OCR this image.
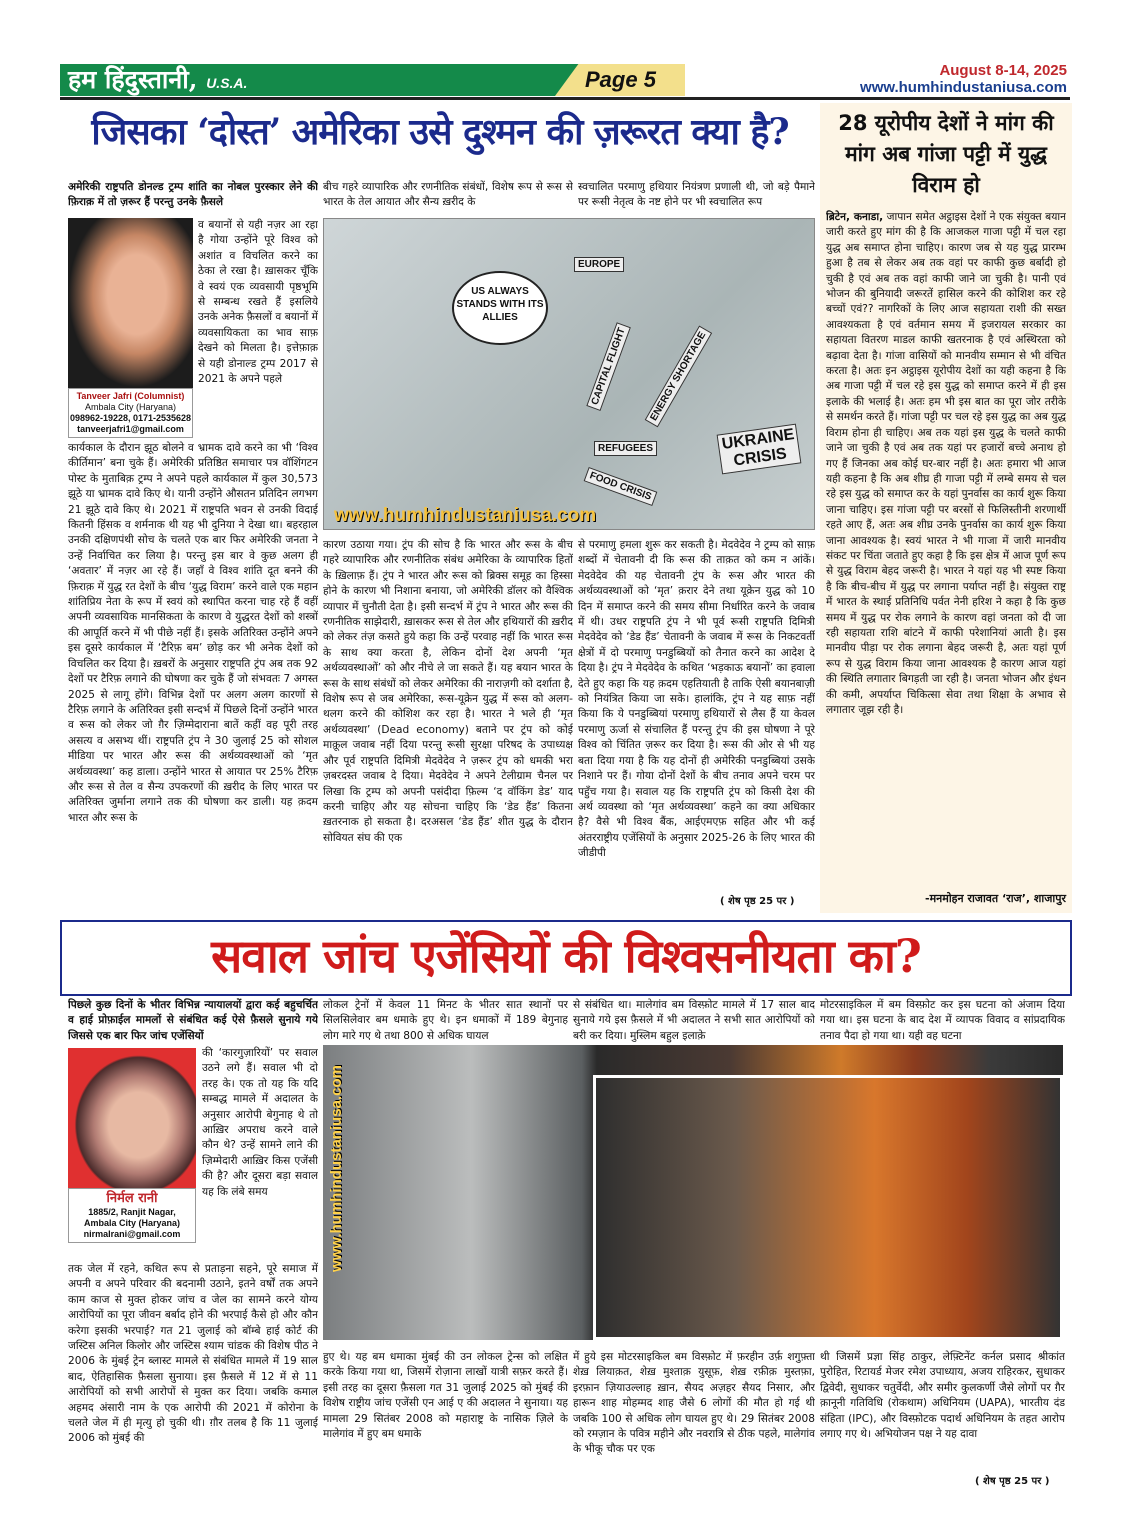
हम हिंदुस्तानी, U.S.A.	Page 5	August 8-14, 2025
www.humhindustaniusa.com
जिसका ‘दोस्त’ अमेरिका उसे दुश्मन की ज़रूरत क्या है?
अमेरिकी राष्ट्रपति डोनल्ड ट्रम्प शांति का नोबल पुरस्कार लेने की फ़िराक़ में तो ज़रूर हैं परन्तु उनके फ़ैसले
Tanveer Jafri (Columnist)
Ambala City (Haryana)
098962-19228, 0171-2535628
tanveerjafri1@gmail.com
व बयानों से यही नज़र आ रहा है गोया उन्होंने पूरे विश्व को अशांत व विचलित करने का ठेका ले रखा है। ख़ासकर चूँकि वे स्वयं एक व्यवसायी पृष्ठभूमि से सम्बन्ध रखते हैं इसलिये उनके अनेक फ़ैसलों व बयानों में व्यवसायिकता का भाव साफ़ देखने को मिलता है। इत्तेफ़ाक़ से यही डोनाल्ड ट्रम्प 2017 से 2021 के अपने पहले
कार्यकाल के दौरान झूठ बोलने व भ्रामक दावे करने का भी ‘विश्व कीर्तिमान’ बना चुके हैं। अमेरिकी प्रतिष्ठित समाचार पत्र वॉशिंगटन पोस्ट के मुताबिक़ ट्रम्प ने अपने पहले कार्यकाल में कुल 30,573 झूठे या भ्रामक दावे किए थे। यानी उन्होंने औसतन प्रतिदिन लगभग 21 झूठे दावे किए थे। 2021 में राष्ट्रपति भवन से उनकी विदाई कितनी हिंसक व शर्मनाक थी यह भी दुनिया ने देखा था। बहरहाल उनकी दक्षिणपंथी सोच के चलते एक बार फिर अमेरिकी जनता ने उन्हें निर्वाचित कर लिया है। परन्तु इस बार वे कुछ अलग ही ‘अवतार’ में नज़र आ रहे हैं। जहाँ वे विश्व शांति दूत बनने की फ़िराक़ में युद्ध रत देशों के बीच ‘युद्ध विराम’ करने वाले एक महान शांतिप्रिय नेता के रूप में स्वयं को स्थापित करना चाह रहे हैं वहीं अपनी व्यवसायिक मानसिकता के कारण वे युद्धरत देशों को शस्त्रों की आपूर्ति करने में भी पीछे नहीं हैं। इसके अतिरिक्त उन्होंने अपने इस दूसरे कार्यकाल में ‘टैरिफ़ बम’ छोड़ कर भी अनेक देशों को विचलित कर दिया है। ख़बरों के अनुसार राष्ट्रपति ट्रंप अब तक 92 देशों पर टैरिफ़ लगाने की घोषणा कर चुके हैं जो संभवतः 7 अगस्त 2025 से लागू होंगे। विभिन्न देशों पर अलग अलग कारणों से टैरिफ़ लगाने के अतिरिक्त इसी सन्दर्भ में पिछले दिनों उन्होंने भारत व रूस को लेकर जो ग़ैर ज़िम्मेदाराना बातें कहीं वह पूरी तरह असत्य व असभ्य थीं। राष्ट्रपति ट्रंप ने 30 जुलाई 25 को सोशल मीडिया पर भारत और रूस की अर्थव्यवस्थाओं को ‘मृत अर्थव्यवस्था’ कह डाला। उन्होंने भारत से आयात पर 25% टैरिफ़ और रूस से तेल व सैन्य उपकरणों की ख़रीद के लिए भारत पर अतिरिक्त जुर्माना लगाने तक की घोषणा कर डाली। यह क़दम भारत और रूस के
बीच गहरे व्यापारिक और रणनीतिक संबंधों, विशेष रूप से रूस से भारत के तेल आयात और सैन्य ख़रीद के
स्वचालित परमाणु हथियार नियंत्रण प्रणाली थी, जो बड़े पैमाने पर रूसी नेतृत्व के नष्ट होने पर भी स्वचालित रूप
US ALWAYS STANDS WITH ITS ALLIES
EUROPE
CAPITAL FLIGHT	ENERGY SHORTAGE
REFUGEES
FOOD CRISIS
UKRAINE CRISIS
www.humhindustaniusa.com
कारण उठाया गया। ट्रंप की सोच है कि भारत और रूस के बीच गहरे व्यापारिक और रणनीतिक संबंध अमेरिका के व्यापारिक हितों के ख़िलाफ़ हैं। ट्रंप ने भारत और रूस को ब्रिक्स समूह का हिस्सा होने के कारण भी निशाना बनाया, जो अमेरिकी डॉलर को वैश्विक व्यापार में चुनौती देता है। इसी सन्दर्भ में ट्रंप ने भारत और रूस की रणनीतिक साझेदारी, ख़ासकर रूस से तेल और हथियारों की ख़रीद को लेकर तंज़ कसते हुये कहा कि उन्हें परवाह नहीं कि भारत रूस के साथ क्या करता है, लेकिन दोनों देश अपनी ‘मृत अर्थव्यवस्थाओं’ को और नीचे ले जा सकते हैं। यह बयान भारत के रूस के साथ संबंधों को लेकर अमेरिका की नाराज़गी को दर्शाता है, विशेष रूप से जब अमेरिका, रूस-यूक्रेन युद्ध में रूस को अलग-थलग करने की कोशिश कर रहा है। भारत ने भले ही ‘मृत अर्थव्यवस्था’ (Dead economy) बताने पर ट्रंप को कोई माक़ूल जवाब नहीं दिया परन्तु रूसी सुरक्षा परिषद के उपाध्यक्ष और पूर्व राष्ट्रपति दिमित्री मेदवेदेव ने ज़रूर ट्रंप को धमकी भरा ज़बरदस्त जवाब दे दिया। मेदवेदेव ने अपने टेलीग्राम चैनल पर लिखा कि ट्रम्प को अपनी पसंदीदा फ़िल्म ‘द वॉकिंग डेड’ याद करनी चाहिए और यह सोचना चाहिए कि ‘डेड हैंड’ कितना ख़तरनाक हो सकता है। दरअसल ‘डेड हैंड’ शीत युद्ध के दौरान सोवियत संघ की एक
से परमाणु हमला शुरू कर सकती है। मेदवेदेव ने ट्रम्प को साफ़ शब्दों में चेतावनी दी कि रूस की ताक़त को कम न आंकें। मेदवेदेव की यह चेतावनी ट्रंप के रूस और भारत की अर्थव्यवस्थाओं को ‘मृत’ क़रार देने तथा यूक्रेन युद्ध को 10 दिन में समाप्त करने की समय सीमा निर्धारित करने के जवाब में थी। उधर राष्ट्रपति ट्रंप ने भी पूर्व रूसी राष्ट्रपति दिमित्री मेदवेदेव को ‘डेड हैंड’ चेतावनी के जवाब में रूस के निकटवर्ती क्षेत्रों में दो परमाणु पनडुब्बियों को तैनात करने का आदेश दे दिया है। ट्रंप ने मेदवेदेव के कथित ‘भड़काऊ बयानों’ का हवाला देते हुए कहा कि यह क़दम एहतियाती है ताकि ऐसी बयानबाज़ी को नियंत्रित किया जा सके। हालांकि, ट्रंप ने यह साफ़ नहीं किया कि ये पनडुब्बियां परमाणु हथियारों से लैस हैं या केवल परमाणु ऊर्जा से संचालित हैं परन्तु ट्रंप की इस घोषणा ने पूरे विश्व को चिंतित ज़रूर कर दिया है। रूस की ओर से भी यह बता दिया गया है कि यह दोनों ही अमेरिकी पनडुब्बियां उसके निशाने पर हैं। गोया दोनों देशों के बीच तनाव अपने चरम पर पहुँच गया है। सवाल यह कि राष्ट्रपति ट्रंप को किसी देश की अर्थ व्यवस्था को ‘मृत अर्थव्यवस्था’ कहने का क्या अधिकार है? वैसे भी विश्व बैंक, आईएमएफ़ सहित और भी कई अंतरराष्ट्रीय एजेंसियों के अनुसार 2025-26 के लिए भारत की जीडीपी
( शेष पृष्ठ 25 पर )
28 यूरोपीय देशों ने मांग की मांग अब गांजा पट्टी में युद्ध विराम हो
ब्रिटेन, कनाडा, जापान समेत अट्ठाइस देशों ने एक संयुक्त बयान जारी करते हुए मांग की है कि आजकल गाजा पट्टी में चल रहा युद्ध अब समाप्त होना चाहिए। कारण जब से यह युद्ध प्रारम्भ हुआ है तब से लेकर अब तक वहां पर काफी कुछ बर्बादी हो चुकी है एवं अब तक वहां काफी जाने जा चुकी है। पानी एवं भोजन की बुनियादी जरूरतें हासिल करने की कोशिश कर रहे बच्चों एवं?? नागरिकों के लिए आज सहायता राशी की सख्त आवश्यकता है एवं वर्तमान समय में इजरायल सरकार का सहायता वितरण माडल काफी खतरनाक है एवं अस्थिरता को बढ़ावा देता है। गांजा वासियों को मानवीय सम्मान से भी वंचित करता है। अतः इन अट्ठाइस यूरोपीय देशों का यही कहना है कि अब गाजा पट्टी में चल रहे इस युद्ध को समाप्त करने में ही इस इलाके की भलाई है। अतः हम भी इस बात का पूरा जोर तरीके से समर्थन करते हैं। गांजा पट्टी पर चल रहे इस युद्ध का अब युद्ध विराम होना ही चाहिए। अब तक यहां इस युद्ध के चलते काफी जाने जा चुकी है एवं अब तक यहां पर हजारों बच्चे अनाथ हो गए हैं जिनका अब कोई घर-बार नहीं है। अतः हमारा भी आज यही कहना है कि अब शीघ्र ही गाजा पट्टी में लम्बे समय से चल रहे इस युद्ध को समाप्त कर के यहां पुनर्वास का कार्य शुरू किया जाना चाहिए। इस गांजा पट्टी पर बरसों से फिलिस्तीनी शरणार्थी रहते आए हैं, अतः अब शीघ्र उनके पुनर्वास का कार्य शुरू किया जाना आवश्यक है। स्वयं भारत ने भी गाजा में जारी मानवीय संकट पर चिंता जताते हुए कहा है कि इस क्षेत्र में आज पूर्ण रूप से युद्ध विराम बेहद जरूरी है। भारत ने यहां यह भी स्पष्ट किया है कि बीच-बीच में युद्ध पर लगाना पर्याप्त नहीं है। संयुक्त राष्ट्र में भारत के स्थाई प्रतिनिधि पर्वत नेनी हरिश ने कहा है कि कुछ समय में युद्ध पर रोक लगाने के कारण वहां जनता को दी जा रही सहायता राशि बांटने में काफी परेशानियां आती है। इस मानवीय पीड़ा पर रोक लगाना बेहद जरूरी है, अतः यहां पूर्ण रूप से युद्ध विराम किया जाना आवश्यक है कारण आज यहां की स्थिति लगातार बिगड़ती जा रही है। जनता भोजन और इंधन की कमी, अपर्याप्त चिकित्सा सेवा तथा शिक्षा के अभाव से लगातार जूझ रही है।
-मनमोहन राजावत ‘राज’, शाजापुर
सवाल जांच एजेंसियों की विश्वसनीयता का?
पिछले कुछ दिनों के भीतर विभिन्न न्यायालयों द्वारा कई बहुचर्चित व हाई प्रोफ़ाईल मामलों से संबंधित कई ऐसे फ़ैसले सुनाये गये जिससे एक बार फिर जांच एजेंसियों
निर्मल रानी
1885/2, Ranjit Nagar,
Ambala City (Haryana)
nirmalrani@gmail.com
की ‘कारगुज़ारियों’ पर सवाल उठने लगे हैं। सवाल भी दो तरह के। एक तो यह कि यदि सम्बद्ध मामले में अदालत के अनुसार आरोपी बेगुनाह थे तो आख़िर अपराध करने वाले कौन थे? उन्हें सामने लाने की ज़िम्मेदारी आख़िर किस एजेंसी की है? और दूसरा बड़ा सवाल यह कि लंबे समय
तक जेल में रहने, कथित रूप से प्रताड़ना सहने, पूरे समाज में अपनी व अपने परिवार की बदनामी उठाने, इतने वर्षों तक अपने काम काज से मुक्त होकर जांच व जेल का सामने करने योग्य आरोपियों का पूरा जीवन बर्बाद होने की भरपाई कैसे हो और कौन करेगा इसकी भरपाई? गत 21 जुलाई को बॉम्बे हाई कोर्ट की जस्टिस अनिल किलोर और जस्टिस श्याम चांडक की विशेष पीठ ने 2006 के मुंबई ट्रेन ब्लास्ट मामले से संबंधित मामले में 19 साल बाद, ऐतिहासिक फ़ैसला सुनाया। इस फ़ैसले में 12 में से 11 आरोपियों को सभी आरोपों से मुक्त कर दिया। जबकि कमाल अहमद अंसारी नाम के एक आरोपी की 2021 में कोरोना के चलते जेल में ही मृत्यु हो चुकी थी। ग़ौर तलब है कि 11 जुलाई 2006 को मुंबई की
लोकल ट्रेनों में केवल 11 मिनट के भीतर सात स्थानों पर सिलसिलेवार बम धमाके हुए थे। इन धमाकों में 189 बेगुनाह लोग मारे गए थे तथा 800 से अधिक घायल
से संबंधित था। मालेगांव बम विस्फ़ोट मामले में 17 साल बाद सुनाये गये इस फ़ैसले में भी अदालत ने सभी सात आरोपियों को बरी कर दिया। मुस्लिम बहुल इलाक़े
मोटरसाइकिल में बम विस्फ़ोट कर इस घटना को अंजाम दिया गया था। इस घटना के बाद देश में व्यापक विवाद व सांप्रदायिक तनाव पैदा हो गया था। यही वह घटना
www.humhindustaniusa.com
हुए थे। यह बम धमाका मुंबई की उन लोकल ट्रेन्स को लक्षित करके किया गया था, जिसमें रोज़ाना लाखों यात्री सफ़र करते हैं। इसी तरह का दूसरा फ़ैसला गत 31 जुलाई 2025 को मुंबई की विशेष राष्ट्रीय जांच एजेंसी एन आई ए की अदालत ने सुनाया। यह मामला 29 सितंबर 2008 को महाराष्ट्र के नासिक ज़िले के मालेगांव में हुए बम धमाके
में हुये इस मोटरसाइकिल बम विस्फ़ोट में फ़रहीन उर्फ़ शगुफ़्ता शेख़ लियाक़त, शेख़ मुश्ताक़ युसूफ़, शेख़ रफ़ीक़ मुस्तफ़ा, इरफ़ान ज़ियाउल्लाह ख़ान, सैयद अज़हर सैयद निसार, और हारून शाह मोहम्मद शाह जैसे 6 लोगों की मौत हो गई थी जबकि 100 से अधिक लोग घायल हुए थे। 29 सितंबर 2008 को रमज़ान के पवित्र महीने और नवरात्रि से ठीक पहले, मालेगांव के भीकू चौक पर एक
थी जिसमें प्रज्ञा सिंह ठाकुर, लेफ़्टिनेंट कर्नल प्रसाद श्रीकांत पुरोहित, रिटायर्ड मेजर रमेश उपाध्याय, अजय राहिरकर, सुधाकर द्विवेदी, सुधाकर चतुर्वेदी, और समीर कुलकर्णी जैसे लोगों पर ग़ैर क़ानूनी गतिविधि (रोकथाम) अधिनियम (UAPA), भारतीय दंड संहिता (IPC), और विस्फ़ोटक पदार्थ अधिनियम के तहत आरोप लगाए गए थे। अभियोजन पक्ष ने यह दावा
( शेष पृष्ठ 25 पर )
